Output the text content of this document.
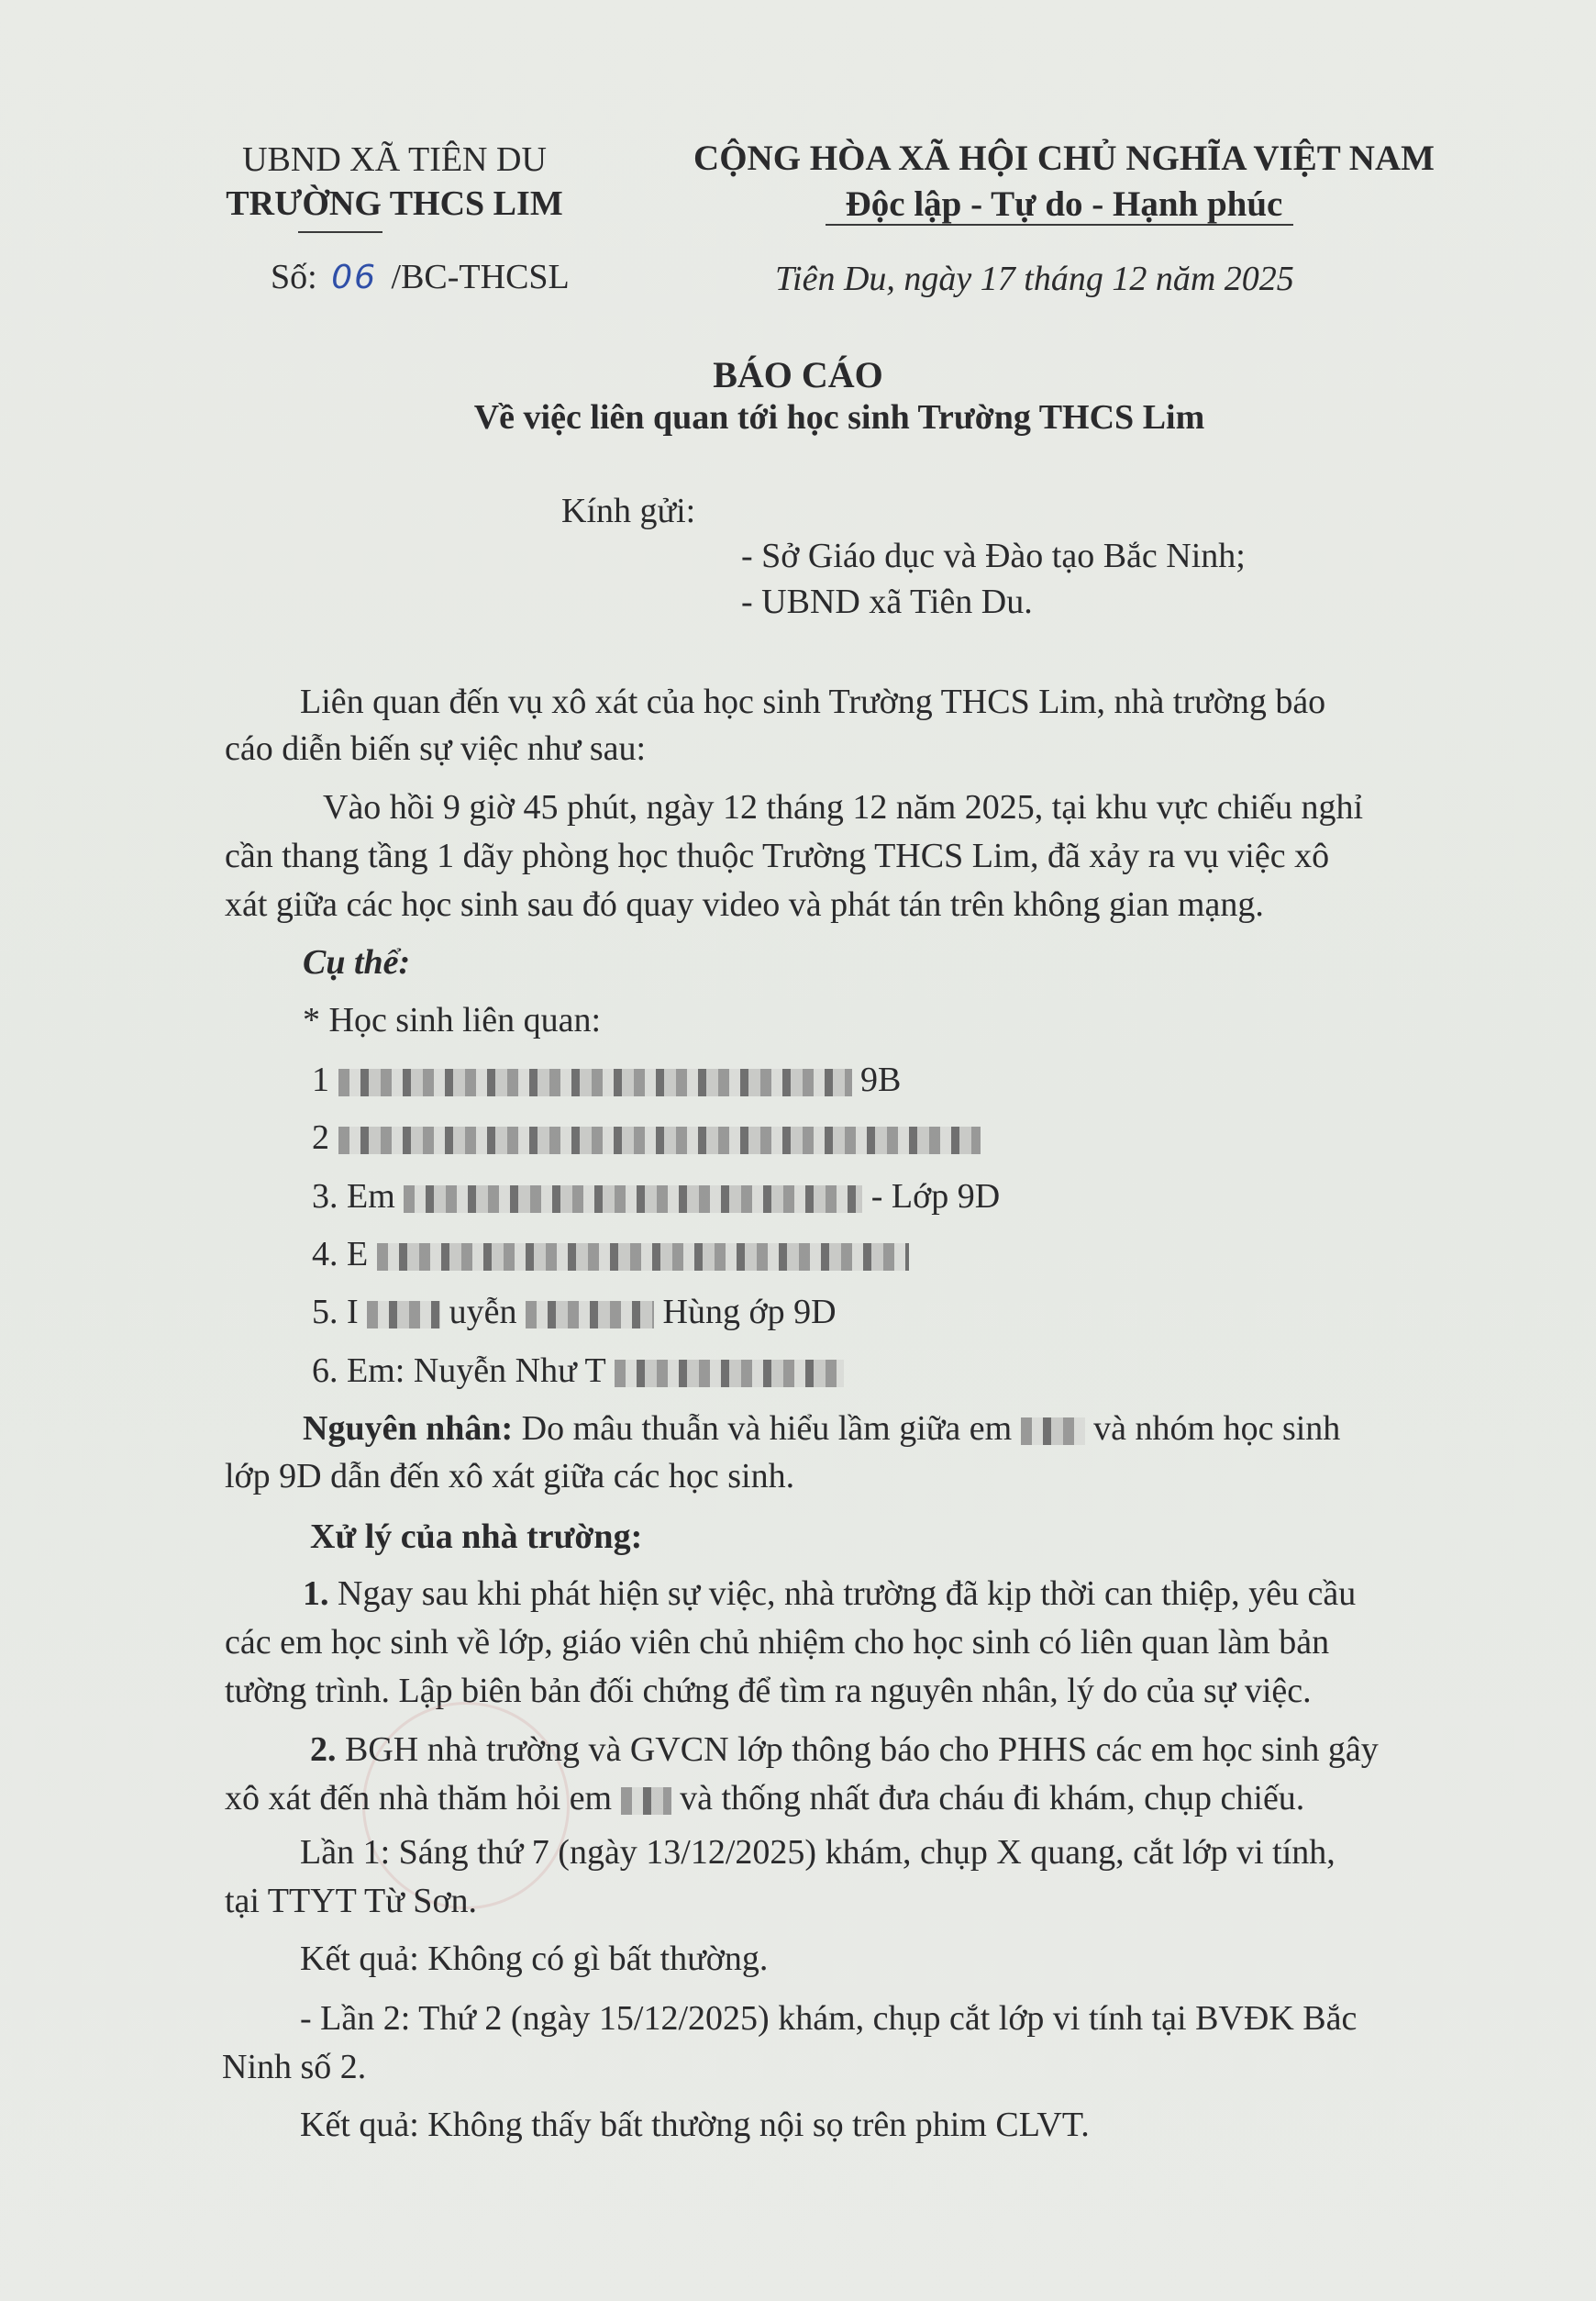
UBND XÃ TIÊN DU
TRƯỜNG THCS LIM
Số: 06 /BC-THCSL
CỘNG HÒA XÃ HỘI CHỦ NGHĨA VIỆT NAM
Độc lập - Tự do - Hạnh phúc
Tiên Du, ngày 17 tháng 12 năm 2025
BÁO CÁO
Về việc liên quan tới học sinh Trường THCS Lim
Kính gửi:
- Sở Giáo dục và Đào tạo Bắc Ninh;
- UBND xã Tiên Du.
Liên quan đến vụ xô xát của học sinh Trường THCS Lim, nhà trường báo
cáo diễn biến sự việc như sau:
Vào hồi 9 giờ 45 phút, ngày 12 tháng 12 năm 2025, tại khu vực chiếu nghỉ
cần thang tầng 1 dãy phòng học thuộc Trường THCS Lim, đã xảy ra vụ việc xô
xát giữa các học sinh sau đó quay video và phát tán trên không gian mạng.
Cụ thể:
* Học sinh liên quan:
1	9B
2
3. Em	- Lớp 9D
4. E
5. I	uyễn	Hùng ớp 9D
6. Em: Nuyễn Như T
Nguyên nhân: Do mâu thuẫn và hiểu lầm giữa em và nhóm học sinh
lớp 9D dẫn đến xô xát giữa các học sinh.
Xử lý của nhà trường:
1. Ngay sau khi phát hiện sự việc, nhà trường đã kịp thời can thiệp, yêu cầu
các em học sinh về lớp, giáo viên chủ nhiệm cho học sinh có liên quan làm bản
tường trình. Lập biên bản đối chứng để tìm ra nguyên nhân, lý do của sự việc.
2. BGH nhà trường và GVCN lớp thông báo cho PHHS các em học sinh gây
xô xát đến nhà thăm hỏi em và thống nhất đưa cháu đi khám, chụp chiếu.
Lần 1: Sáng thứ 7 (ngày 13/12/2025) khám, chụp X quang, cắt lớp vi tính,
tại TTYT Từ Sơn.
Kết quả: Không có gì bất thường.
- Lần 2: Thứ 2 (ngày 15/12/2025) khám, chụp cắt lớp vi tính tại BVĐK Bắc
Ninh số 2.
Kết quả: Không thấy bất thường nội sọ trên phim CLVT.
